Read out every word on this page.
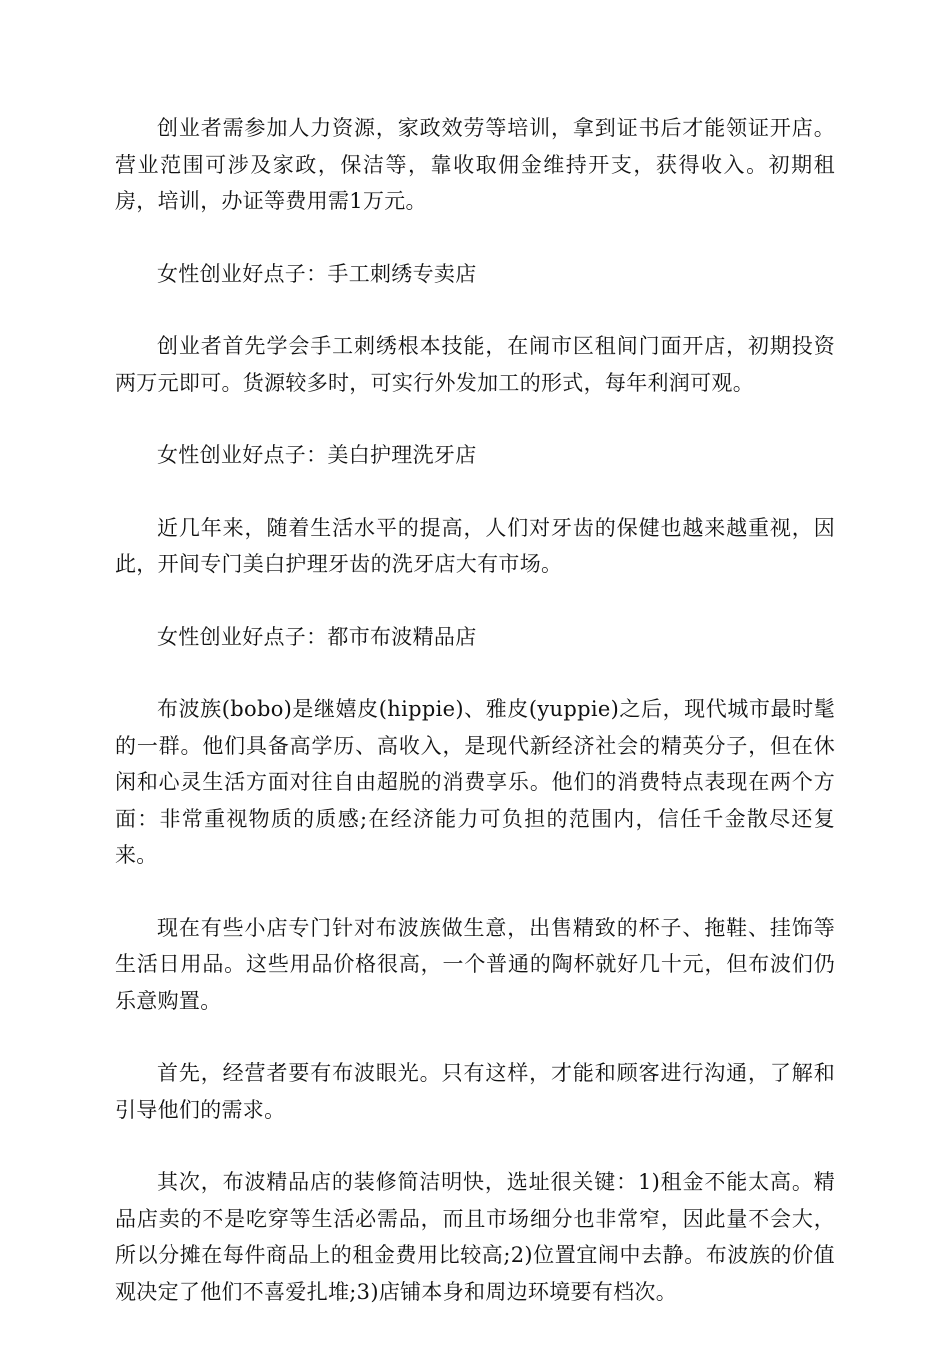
创业者需参加人力资源，家政效劳等培训，拿到证书后才能领证开店。营业范围可涉及家政，保洁等，靠收取佣金维持开支，获得收入。初期租房，培训，办证等费用需1万元。

女性创业好点子：手工刺绣专卖店

创业者首先学会手工刺绣根本技能，在闹市区租间门面开店，初期投资两万元即可。货源较多时，可实行外发加工的形式，每年利润可观。

女性创业好点子：美白护理洗牙店

近几年来，随着生活水平的提高，人们对牙齿的保健也越来越重视，因此，开间专门美白护理牙齿的洗牙店大有市场。

女性创业好点子：都市布波精品店

布波族(bobo)是继嬉皮(hippie)、雅皮(yuppie)之后，现代城市最时髦的一群。他们具备高学历、高收入，是现代新经济社会的精英分子，但在休闲和心灵生活方面对往自由超脱的消费享乐。他们的消费特点表现在两个方面：非常重视物质的质感;在经济能力可负担的范围内，信任千金散尽还复来。

现在有些小店专门针对布波族做生意，出售精致的杯子、拖鞋、挂饰等生活日用品。这些用品价格很高，一个普通的陶杯就好几十元，但布波们仍乐意购置。

首先，经营者要有布波眼光。只有这样，才能和顾客进行沟通，了解和引导他们的需求。

其次，布波精品店的装修简洁明快，选址很关键：1)租金不能太高。精品店卖的不是吃穿等生活必需品，而且市场细分也非常窄，因此量不会大，所以分摊在每件商品上的租金费用比较高;2)位置宜闹中去静。布波族的价值观决定了他们不喜爱扎堆;3)店铺本身和周边环境要有档次。
